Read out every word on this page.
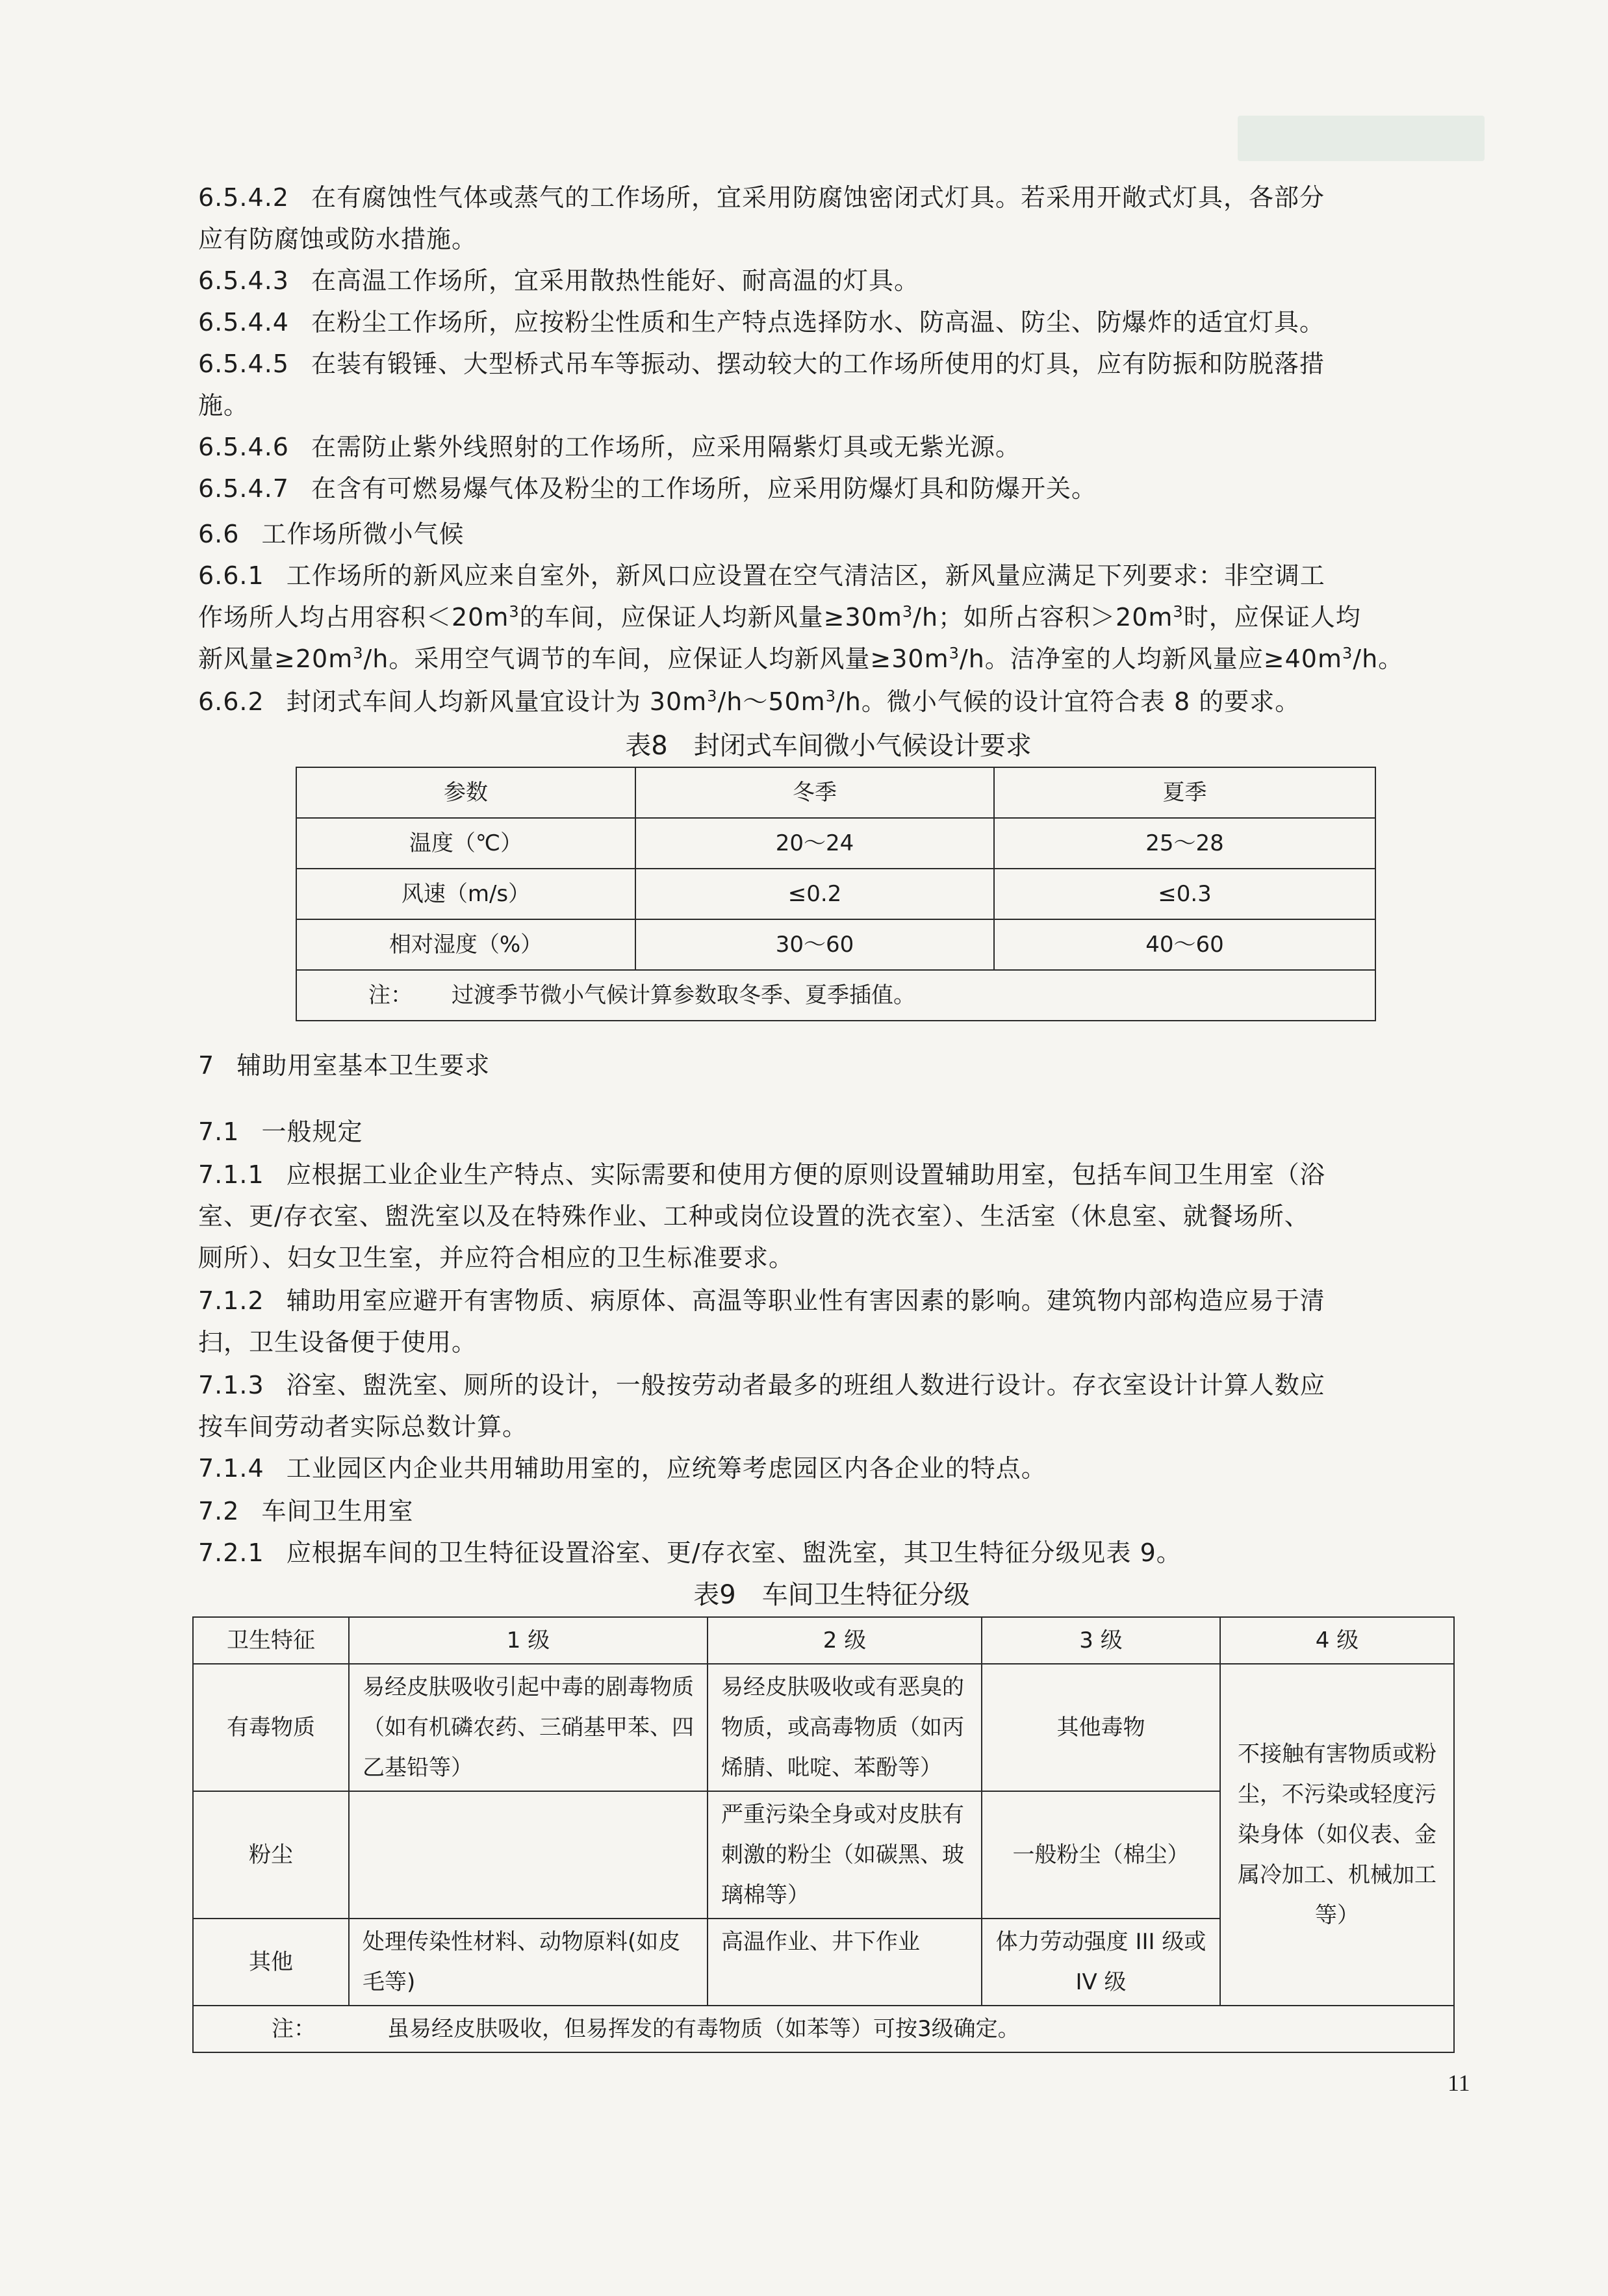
6.5.4.2 在有腐蚀性气体或蒸气的工作场所，宜采用防腐蚀密闭式灯具。若采用开敞式灯具，各部分
应有防腐蚀或防水措施。
6.5.4.3 在高温工作场所，宜采用散热性能好、耐高温的灯具。
6.5.4.4 在粉尘工作场所，应按粉尘性质和生产特点选择防水、防高温、防尘、防爆炸的适宜灯具。
6.5.4.5 在装有锻锤、大型桥式吊车等振动、摆动较大的工作场所使用的灯具，应有防振和防脱落措
施。
6.5.4.6 在需防止紫外线照射的工作场所，应采用隔紫灯具或无紫光源。
6.5.4.7 在含有可燃易爆气体及粉尘的工作场所，应采用防爆灯具和防爆开关。
6.6 工作场所微小气候
6.6.1 工作场所的新风应来自室外，新风口应设置在空气清洁区，新风量应满足下列要求：非空调工
作场所人均占用容积$<20m^3$的车间，应保证人均新风量$\ge 30m^3/h$；如所占容积$>20m^3$时，应保证人均
新风量$\ge 20m^3/h$。采用空气调节的车间，应保证人均新风量$\ge 30m^3/h$。洁净室的人均新风量应$\ge 40m^3/h$。
6.6.2 封闭式车间人均新风量宜设计为 $30m^3/h\sim 50m^3/h$。微小气候的设计宜符合表 8 的要求。
表8　封闭式车间微小气候设计要求
参数	冬季	夏季
温度（℃）	20～24	25～28
风速（m/s）	≤0.2	≤0.3
相对湿度（%）	30～60	40～60
注： 过渡季节微小气候计算参数取冬季、夏季插值。		
7 辅助用室基本卫生要求
7.1 一般规定
7.1.1 应根据工业企业生产特点、实际需要和使用方便的原则设置辅助用室，包括车间卫生用室（浴
室、更/存衣室、盥洗室以及在特殊作业、工种或岗位设置的洗衣室）、生活室（休息室、就餐场所、
厕所）、妇女卫生室，并应符合相应的卫生标准要求。
7.1.2 辅助用室应避开有害物质、病原体、高温等职业性有害因素的影响。建筑物内部构造应易于清
扫，卫生设备便于使用。
7.1.3 浴室、盥洗室、厕所的设计，一般按劳动者最多的班组人数进行设计。存衣室设计计算人数应
按车间劳动者实际总数计算。
7.1.4 工业园区内企业共用辅助用室的，应统筹考虑园区内各企业的特点。
7.2 车间卫生用室
7.2.1 应根据车间的卫生特征设置浴室、更/存衣室、盥洗室，其卫生特征分级见表 9。
表9　车间卫生特征分级
卫生特征	1 级	2 级	3 级	4 级
有毒物质	易经皮肤吸收引起中毒的剧毒物质（如有机磷农药、三硝基甲苯、四乙基铅等）	易经皮肤吸收或有恶臭的物质，或高毒物质（如丙烯腈、吡啶、苯酚等）	其他毒物	不接触有害物质或粉尘，不污染或轻度污染身体（如仪表、金属冷加工、机械加工等）
粉尘		严重污染全身或对皮肤有刺激的粉尘（如碳黑、玻璃棉等）	一般粉尘（棉尘）	
其他	处理传染性材料、动物原料(如皮毛等)	高温作业、井下作业	体力劳动强度 III 级或 IV 级	
注： 虽易经皮肤吸收，但易挥发的有毒物质（如苯等）可按3级确定。				
11
